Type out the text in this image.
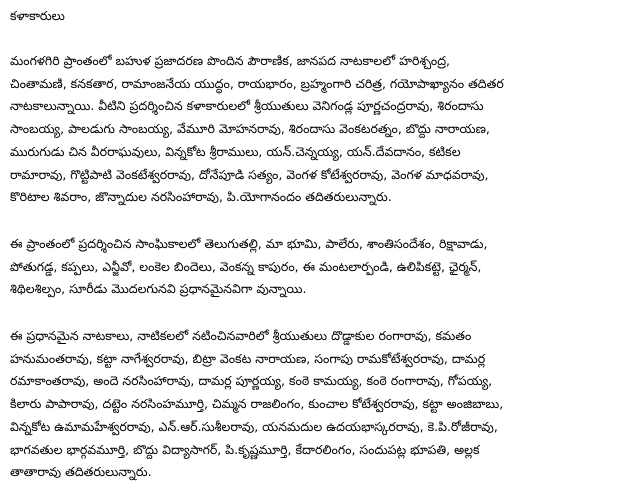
కళాకారులు
మంగళగిరి ప్రాంతంలో బహుళ ప్రజాదరణ పొందిన పౌరాణిక, జానపద నాటకాలలో హరిశ్చంద్ర,
చింతామణి, కనకతార, రామాంజనేయ యుద్ధం, రాయభారం, బ్రహ్మంగారి చరిత్ర, గయోపాఖ్యానం తదితర
నాటకాలున్నాయి. వీటిని ప్రదర్శించిన కళాకారులలో శ్రీయుతులు వెనిగండ్ల పూర్ణచంద్రరావు, శిరందాసు
సాంబయ్య, పాలడుగు సాంబయ్య, వేమూరి మోహనరావు, శిరందాసు వెంకటరత్నం, బొద్దు నారాయణ,
మురుగుడు చిన వీరరాఘవులు, విన్నకోట శ్రీరాములు, యన్.చెన్నయ్య, యన్.దేవదానం, కటికల
రామారావు, గొట్టిపాటి వెంకటేశ్వరరావు, దోనేపూడి సత్యం, వెంగళ కోటేశ్వరరావు, వెంగళ మాధవరావు,
కొరిటాల శివరాం, జొన్నాదుల నరసింహారావు, పి.యోగానందం తదితరులున్నారు.
ఈ ప్రాంతంలో ప్రదర్శించిన సాంఘికాలలో తెలుగుతల్లి, మా భూమి, పాలేరు, శాంతిసందేశం, రిక్షావాడు,
పోతుగడ్డ, కప్పలు, ఎన్జీవో, లంకెల బిందెలు, వెంకన్న కాపురం, ఈ మంటలార్పండి, ఉలిపికట్టె, ఛైర్మన్,
శిథిలశిల్పం, సూరీడు మొదలగునవి ప్రధానమైనవిగా వున్నాయి.
ఈ ప్రధానమైన నాటకాలు, నాటికలలో నటించినవారిలో శ్రీయుతులు దొడ్డాకుల రంగారావు, కమతం
హనుమంతరావు, కట్టా నాగేశ్వరరావు, బిట్రా వెంకట నారాయణ, సంగాపు రామకోటేశ్వరరావు, దామర్ల
రమాకాంతరావు, అందె నరసింహారావు, దామర్ల పూర్ణయ్య, కంఠె కామయ్య, కంఠె రంగారావు, గోపయ్య,
కిలారు పాపారావు, దట్టెం నరసింహమూర్తి, చిమ్మన రాజలింగం, కుంచాల కోటేశ్వరరావు, కట్టా అంజిబాబు,
విన్నకోట ఉమామహేశ్వరరావు, ఎన్.ఆర్.సుశీలరావు, యనమదుల ఉదయభాస్కరరావు, కె.పి.రోజీరావు,
భాగవతుల భార్గవమూర్తి, బొద్దు విద్యాసాగర్, పి.కృష్ణమూర్తి, కేదారలింగం, సందుపట్ల భూపతి, అల్లక
తాతారావు తదితరులున్నారు.
